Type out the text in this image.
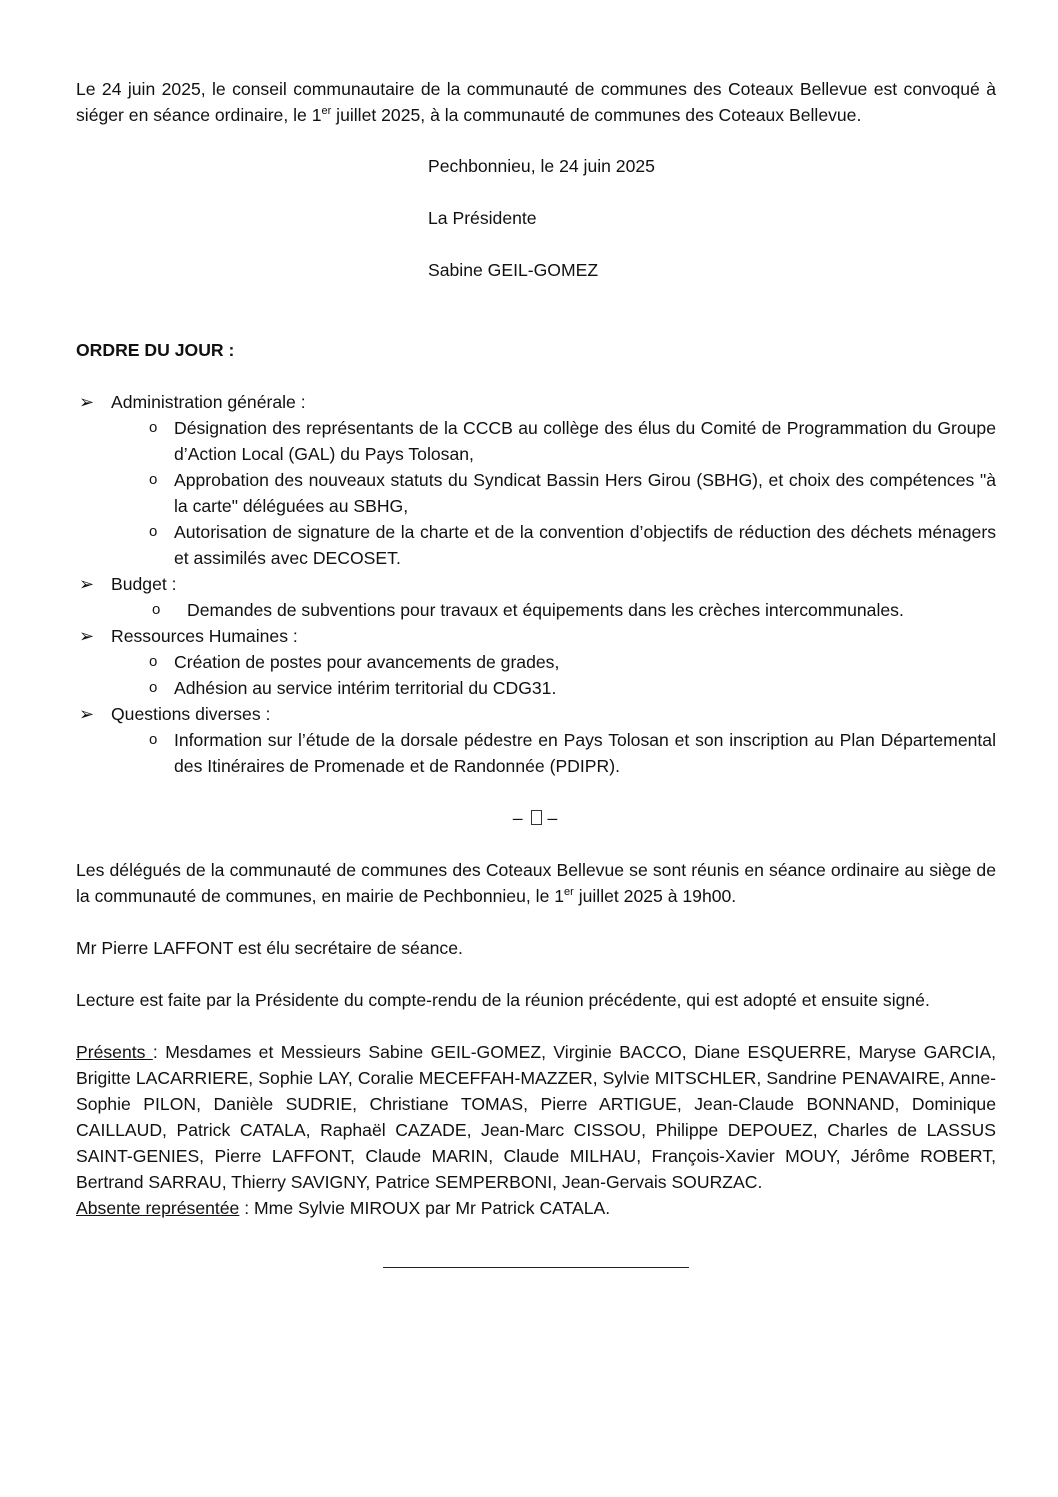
Le 24 juin 2025, le conseil communautaire de la communauté de communes des Coteaux Bellevue est convoqué à siéger en séance ordinaire, le 1er juillet 2025, à la communauté de communes des Coteaux Bellevue.

Pechbonnieu, le 24 juin 2025

La Présidente

Sabine GEIL-GOMEZ

ORDRE DU JOUR :

➢ Administration générale :
o Désignation des représentants de la CCCB au collège des élus du Comité de Programmation du Groupe d’Action Local (GAL) du Pays Tolosan,
o Approbation des nouveaux statuts du Syndicat Bassin Hers Girou (SBHG), et choix des compétences "à la carte" déléguées au SBHG,
o Autorisation de signature de la charte et de la convention d’objectifs de réduction des déchets ménagers et assimilés avec DECOSET.
➢ Budget :
o Demandes de subventions pour travaux et équipements dans les crèches intercommunales.
➢ Ressources Humaines :
o Création de postes pour avancements de grades,
o Adhésion au service intérim territorial du CDG31.
➢ Questions diverses :
o Information sur l’étude de la dorsale pédestre en Pays Tolosan et son inscription au Plan Départemental des Itinéraires de Promenade et de Randonnée (PDIPR).

– –

Les délégués de la communauté de communes des Coteaux Bellevue se sont réunis en séance ordinaire au siège de la communauté de communes, en mairie de Pechbonnieu, le 1er juillet 2025 à 19h00.

Mr Pierre LAFFONT est élu secrétaire de séance.

Lecture est faite par la Présidente du compte-rendu de la réunion précédente, qui est adopté et ensuite signé.

Présents : Mesdames et Messieurs Sabine GEIL-GOMEZ, Virginie BACCO, Diane ESQUERRE, Maryse GARCIA, Brigitte LACARRIERE, Sophie LAY, Coralie MECEFFAH-MAZZER, Sylvie MITSCHLER, Sandrine PENAVAIRE, Anne-Sophie PILON, Danièle SUDRIE, Christiane TOMAS, Pierre ARTIGUE, Jean-Claude BONNAND, Dominique CAILLAUD, Patrick CATALA, Raphaël CAZADE, Jean-Marc CISSOU, Philippe DEPOUEZ, Charles de LASSUS SAINT-GENIES, Pierre LAFFONT, Claude MARIN, Claude MILHAU, François-Xavier MOUY, Jérôme ROBERT, Bertrand SARRAU, Thierry SAVIGNY, Patrice SEMPERBONI, Jean-Gervais SOURZAC.
Absente représentée : Mme Sylvie MIROUX par Mr Patrick CATALA.
